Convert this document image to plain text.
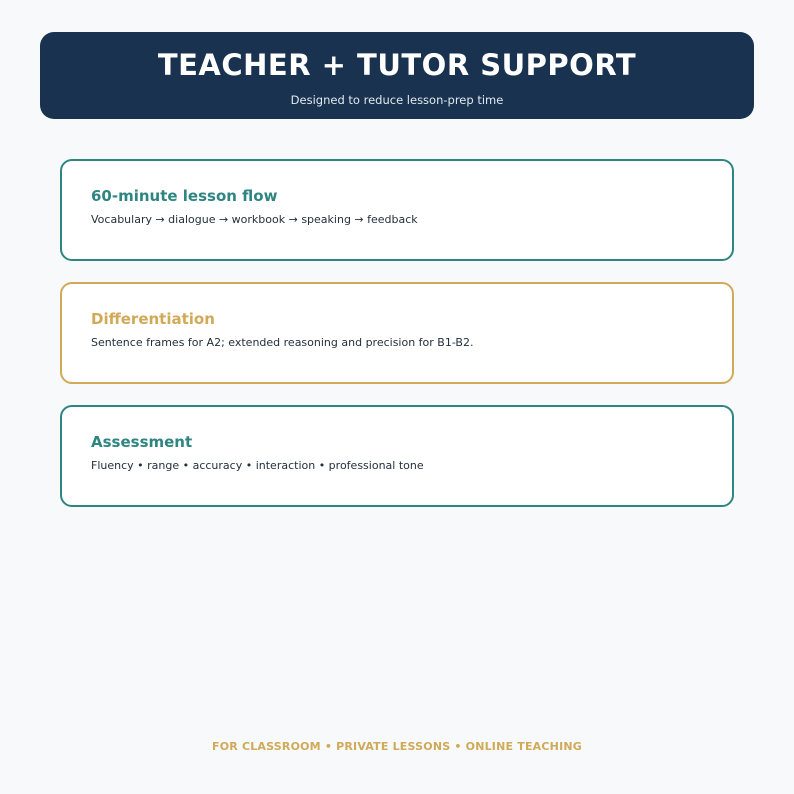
TEACHER + TUTOR SUPPORT
Designed to reduce lesson-prep time
60-minute lesson flow
Vocabulary → dialogue → workbook → speaking → feedback
Differentiation
Sentence frames for A2; extended reasoning and precision for B1-B2.
Assessment
Fluency • range • accuracy • interaction • professional tone
FOR CLASSROOM • PRIVATE LESSONS • ONLINE TEACHING
